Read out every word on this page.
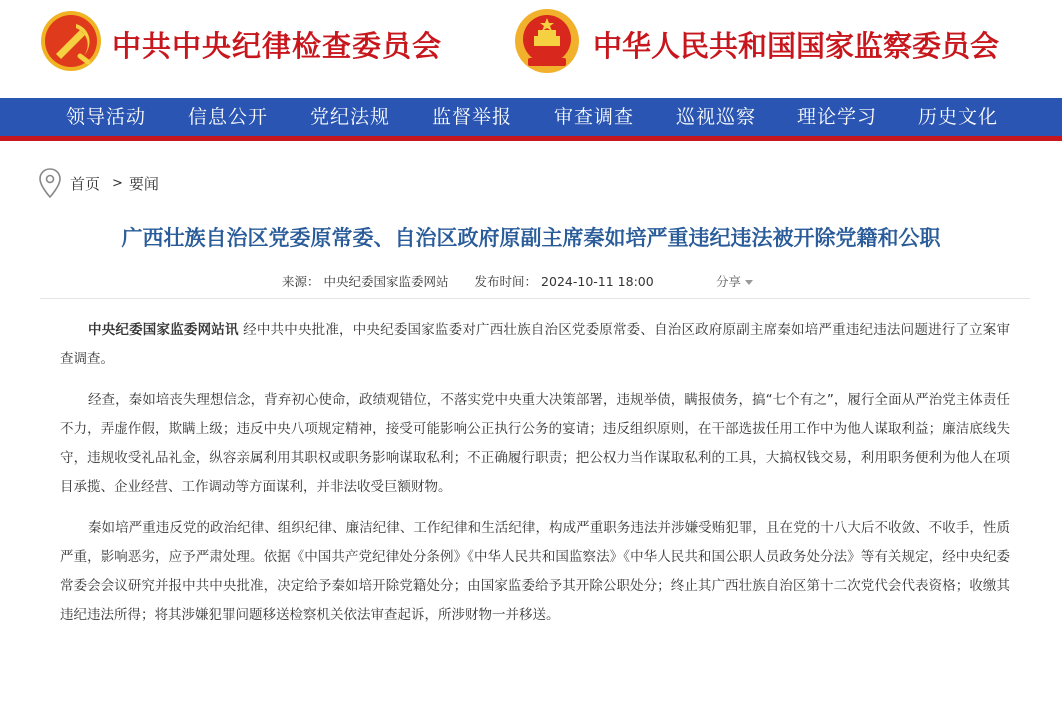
中共中央纪律检查委员会	中华人民共和国国家监察委员会
领导活动 信息公开 党纪法规 监督举报 审查调查 巡视巡察 理论学习 历史文化
首页 > 要闻
广西壮族自治区党委原常委、自治区政府原副主席秦如培严重违纪违法被开除党籍和公职
来源： 中央纪委国家监委网站 发布时间： 2024-10-11 18:00	分享

中央纪委国家监委网站讯 经中共中央批准，中央纪委国家监委对广西壮族自治区党委原常委、自治区政府原副主席秦如培严重违纪违法问题进行了立案审查调查。

经查，秦如培丧失理想信念，背弃初心使命，政绩观错位，不落实党中央重大决策部署，违规举债，瞒报债务，搞“七个有之”，履行全面从严治党主体责任不力，弄虚作假，欺瞒上级；违反中央八项规定精神，接受可能影响公正执行公务的宴请；违反组织原则，在干部选拔任用工作中为他人谋取利益；廉洁底线失守，违规收受礼品礼金，纵容亲属利用其职权或职务影响谋取私利；不正确履行职责；把公权力当作谋取私利的工具，大搞权钱交易，利用职务便利为他人在项目承揽、企业经营、工作调动等方面谋利，并非法收受巨额财物。

秦如培严重违反党的政治纪律、组织纪律、廉洁纪律、工作纪律和生活纪律，构成严重职务违法并涉嫌受贿犯罪，且在党的十八大后不收敛、不收手，性质严重，影响恶劣，应予严肃处理。依据《中国共产党纪律处分条例》《中华人民共和国监察法》《中华人民共和国公职人员政务处分法》等有关规定，经中央纪委常委会会议研究并报中共中央批准，决定给予秦如培开除党籍处分；由国家监委给予其开除公职处分；终止其广西壮族自治区第十二次党代会代表资格；收缴其违纪违法所得；将其涉嫌犯罪问题移送检察机关依法审查起诉，所涉财物一并移送。
